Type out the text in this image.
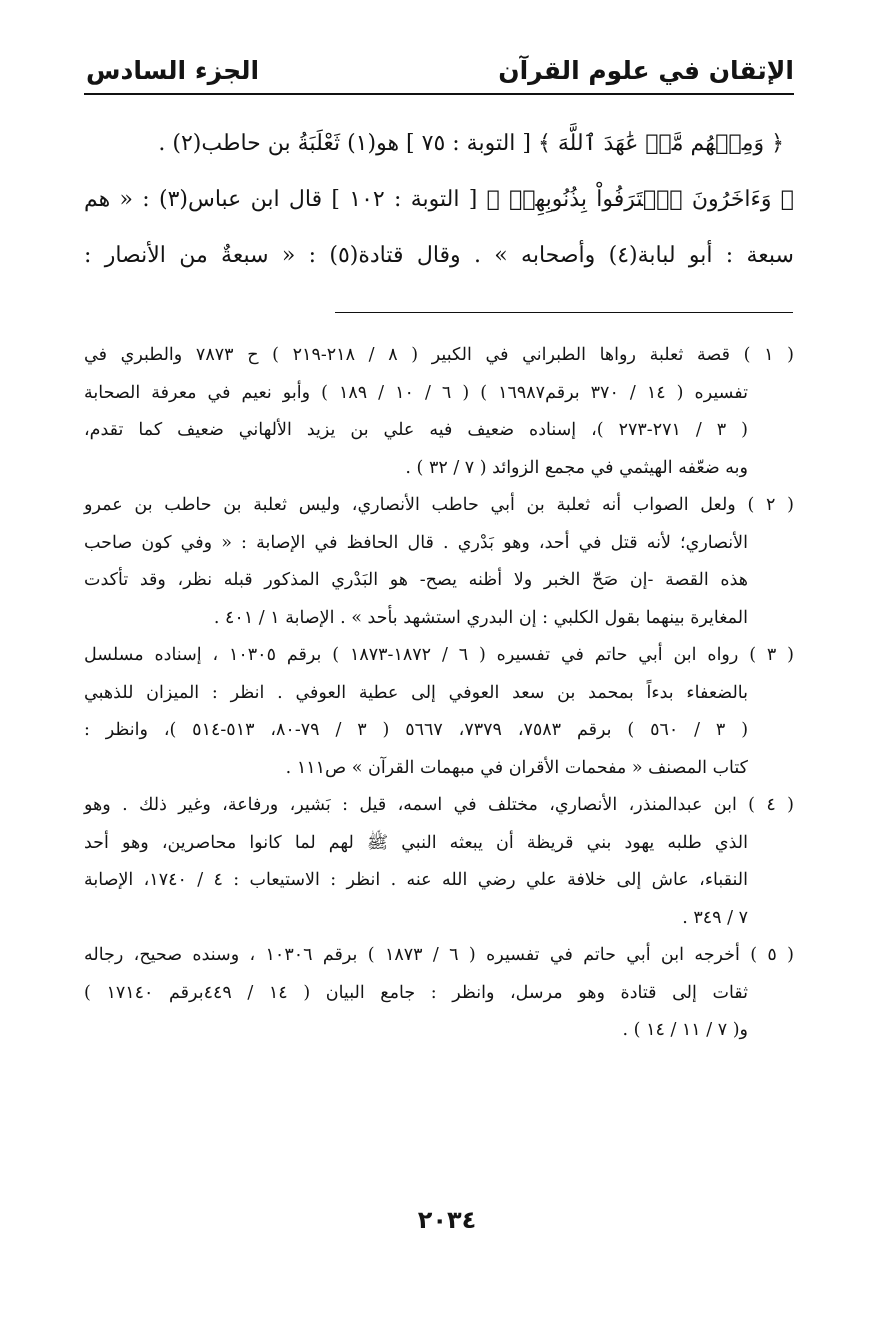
الإتقان في علوم القرآن
الجزء السادس
﴿ وَمِنۡهُم مَّنۡ عَٰهَدَ ٱللَّهَ ﴾ [ التوبة : ٧٥ ] هو(١) ثَعْلَبَةُ بن حاطب(٢) .
﴿ وَءَاخَرُونَ ٱعۡتَرَفُواْ بِذُنُوبِهِمۡ ﴾ [ التوبة : ١٠٢ ] قال ابن عباس(٣) : « هم
سبعة : أبو لبابة(٤) وأصحابه » . وقال قتادة(٥) : « سبعةٌ من الأنصار :
( ١ ) قصة ثعلبة رواها الطبراني في الكبير ( ٨ / ٢١٨-٢١٩ ) ح ٧٨٧٣ والطبري في
تفسيره ( ١٤ / ٣٧٠ برقم١٦٩٨٧ ) ( ٦ / ١٠ / ١٨٩ ) وأبو نعيم في معرفة الصحابة
( ٣ / ٢٧١-٢٧٣ )، إسناده ضعيف فيه علي بن يزيد الألهاني ضعيف كما تقدم،
وبه ضعّفه الهيثمي في مجمع الزوائد ( ٧ / ٣٢ ) .
( ٢ ) ولعل الصواب أنه ثعلبة بن أبي حاطب الأنصاري، وليس ثعلبة بن حاطب بن عمرو
الأنصاري؛ لأنه قتل في أحد، وهو بَدْري . قال الحافظ في الإصابة : « وفي كون صاحب
هذه القصة -إن صَحّ الخبر ولا أظنه يصح- هو البَدْري المذكور قبله نظر، وقد تأكدت
المغايرة بينهما بقول الكلبي : إن البدري استشهد بأحد » . الإصابة ١ / ٤٠١ .
( ٣ ) رواه ابن أبي حاتم في تفسيره ( ٦ / ١٨٧٢-١٨٧٣ ) برقم ١٠٣٠٥ ، إسناده مسلسل
بالضعفاء بدءاً بمحمد بن سعد العوفي إلى عطية العوفي . انظر : الميزان للذهبي
( ٣ / ٥٦٠ ) برقم ٧٥٨٣، ٧٣٧٩، ٥٦٦٧ ( ٣ / ٧٩-٨٠، ٥١٣-٥١٤ )، وانظر :
كتاب المصنف « مفحمات الأقران في مبهمات القرآن » ص١١١ .
( ٤ ) ابن عبدالمنذر، الأنصاري، مختلف في اسمه، قيل : بَشير، ورفاعة، وغير ذلك . وهو
الذي طلبه يهود بني قريظة أن يبعثه النبي ﷺ لهم لما كانوا محاصرين، وهو أحد
النقباء، عاش إلى خلافة علي رضي الله عنه . انظر : الاستيعاب : ٤ / ١٧٤٠، الإصابة
٧ / ٣٤٩ .
( ٥ ) أخرجه ابن أبي حاتم في تفسيره ( ٦ / ١٨٧٣ ) برقم ١٠٣٠٦ ، وسنده صحيح، رجاله
ثقات إلى قتادة وهو مرسل، وانظر : جامع البيان ( ١٤ / ٤٤٩برقم ١٧١٤٠ )
و( ٧ / ١١ / ١٤ ) .
٢٠٣٤
